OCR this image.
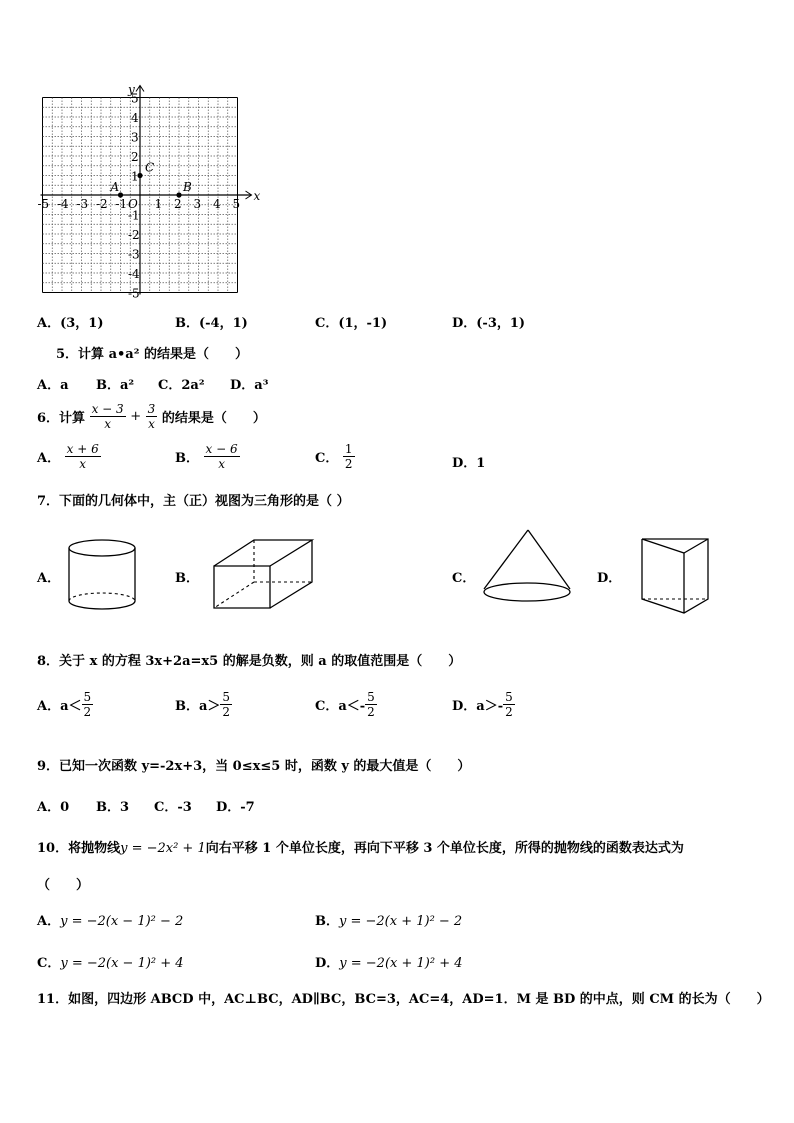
-5 -4 -3 -2 -1 O 1 2 3 4 5
5
4
3
2
1
-1
-2
-3
-4
-5
x
y
A	B
C
A．(3，1)	B．(-4，1)	C．(1，-1)	D．(-3，1)
5．计算 a•a² 的结果是（　　）
A．a B．a² C．2a² D．a³
6．计算 $\frac{x - 3}{x} + \frac{3}{x}$ 的结果是（　　）
A． $\frac{x + 6}{x}$	B． $\frac{x - 6}{x}$	C． $\frac{1}{2}$	D．1
7．下面的几何体中，主（正）视图为三角形的是（ ）
A．	B．	C．	D．
8．关于 x 的方程 3x+2a=x5 的解是负数，则 a 的取值范围是（　　）
A．$a< \frac{5}{2}$	B．$a> \frac{5}{2}$	C．$a<- \frac{5}{2}$	D．$a>- \frac{5}{2}$
9．已知一次函数 y=-2x+3，当 0≤x≤5 时，函数 y 的最大值是（　　）
A．0 B．3 C．-3 D．-7
10．将抛物线y = −2x² + 1向右平移 1 个单位长度，再向下平移 3 个单位长度，所得的抛物线的函数表达式为
（　　）
A．y = −2(x − 1)² − 2	B．y = −2(x + 1)² − 2
C．y = −2(x − 1)² + 4	D．y = −2(x + 1)² + 4
11．如图，四边形 ABCD 中，AC⊥BC，AD∥BC，BC=3，AC=4，AD=1．M 是 BD 的中点，则 CM 的长为（　　）
